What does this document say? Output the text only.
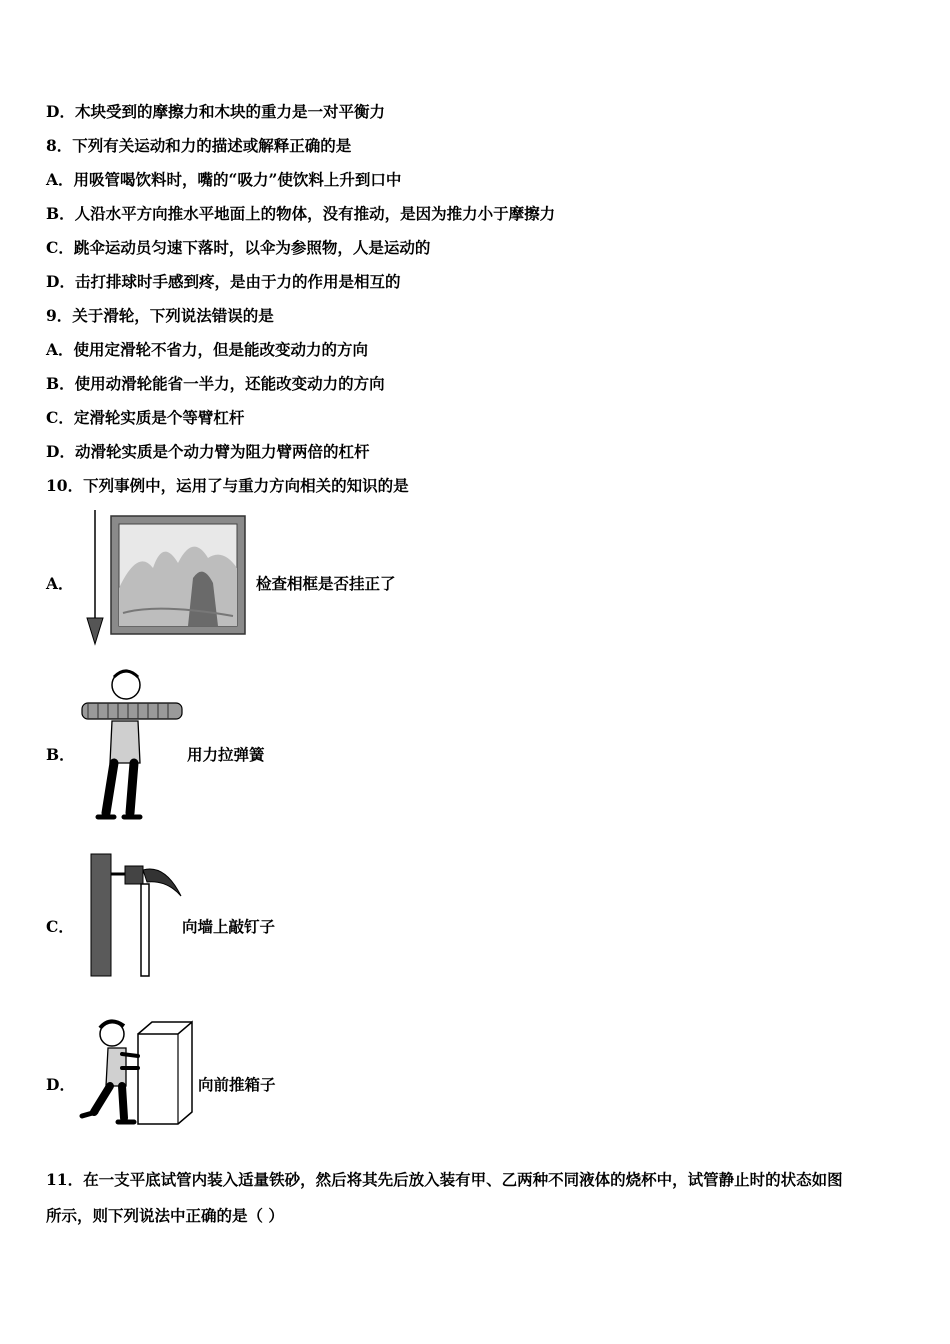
D．木块受到的摩擦力和木块的重力是一对平衡力
8．下列有关运动和力的描述或解释正确的是
A．用吸管喝饮料时，嘴的“吸力”使饮料上升到口中
B．人沿水平方向推水平地面上的物体，没有推动，是因为推力小于摩擦力
C．跳伞运动员匀速下落时，以伞为参照物，人是运动的
D．击打排球时手感到疼，是由于力的作用是相互的
9．关于滑轮，下列说法错误的是
A．使用定滑轮不省力，但是能改变动力的方向
B．使用动滑轮能省一半力，还能改变动力的方向
C．定滑轮实质是个等臂杠杆
D．动滑轮实质是个动力臂为阻力臂两倍的杠杆
10．下列事例中，运用了与重力方向相关的知识的是
A．	检查相框是否挂正了
B．	用力拉弹簧
C．	向墙上敲钉子
D．	向前推箱子
11．在一支平底试管内装入适量铁砂，然后将其先后放入装有甲、乙两种不同液体的烧杯中，试管静止时的状态如图
所示，则下列说法中正确的是（ ）
